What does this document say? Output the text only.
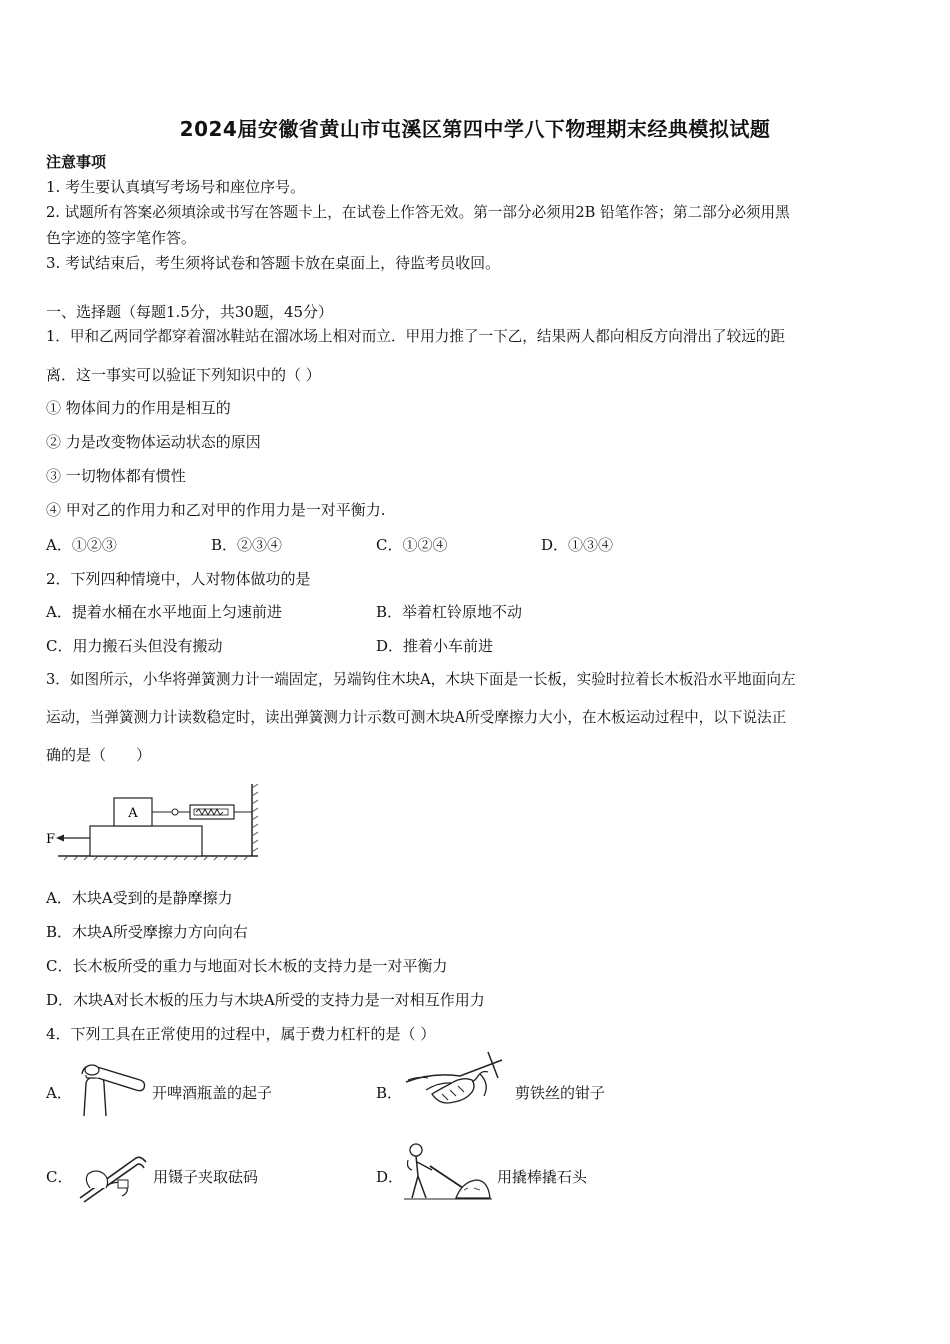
2024届安徽省黄山市屯溪区第四中学八下物理期末经典模拟试题
注意事项
1. 考生要认真填写考场号和座位序号。
2. 试题所有答案必须填涂或书写在答题卡上，在试卷上作答无效。第一部分必须用2B 铅笔作答；第二部分必须用黑
色字迹的签字笔作答。
3. 考试结束后，考生须将试卷和答题卡放在桌面上，待监考员收回。
一、选择题（每题1.5分，共30题，45分）
1．甲和乙两同学都穿着溜冰鞋站在溜冰场上相对而立．甲用力推了一下乙，结果两人都向相反方向滑出了较远的距
离．这一事实可以验证下列知识中的（ ）
① 物体间力的作用是相互的
② 力是改变物体运动状态的原因
③ 一切物体都有惯性
④ 甲对乙的作用力和乙对甲的作用力是一对平衡力.
A．①②③	B．②③④	C．①②④	D．①③④
2．下列四种情境中，人对物体做功的是
A．提着水桶在水平地面上匀速前进	B．举着杠铃原地不动
C．用力搬石头但没有搬动	D．推着小车前进
3．如图所示，小华将弹簧测力计一端固定，另端钩住木块A，木块下面是一长板，实验时拉着长木板沿水平地面向左
运动，当弹簧测力计读数稳定时，读出弹簧测力计示数可测木块A所受摩擦力大小，在木板运动过程中，以下说法正
确的是（　　）
A
F
A．木块A受到的是静摩擦力
B．木块A所受摩擦力方向向右
C．长木板所受的重力与地面对长木板的支持力是一对平衡力
D．木块A对长木板的压力与木块A所受的支持力是一对相互作用力
4．下列工具在正常使用的过程中，属于费力杠杆的是（ ）
A．	开啤酒瓶盖的起子	B．	剪铁丝的钳子
C．	用镊子夹取砝码	D．	用撬棒撬石头
